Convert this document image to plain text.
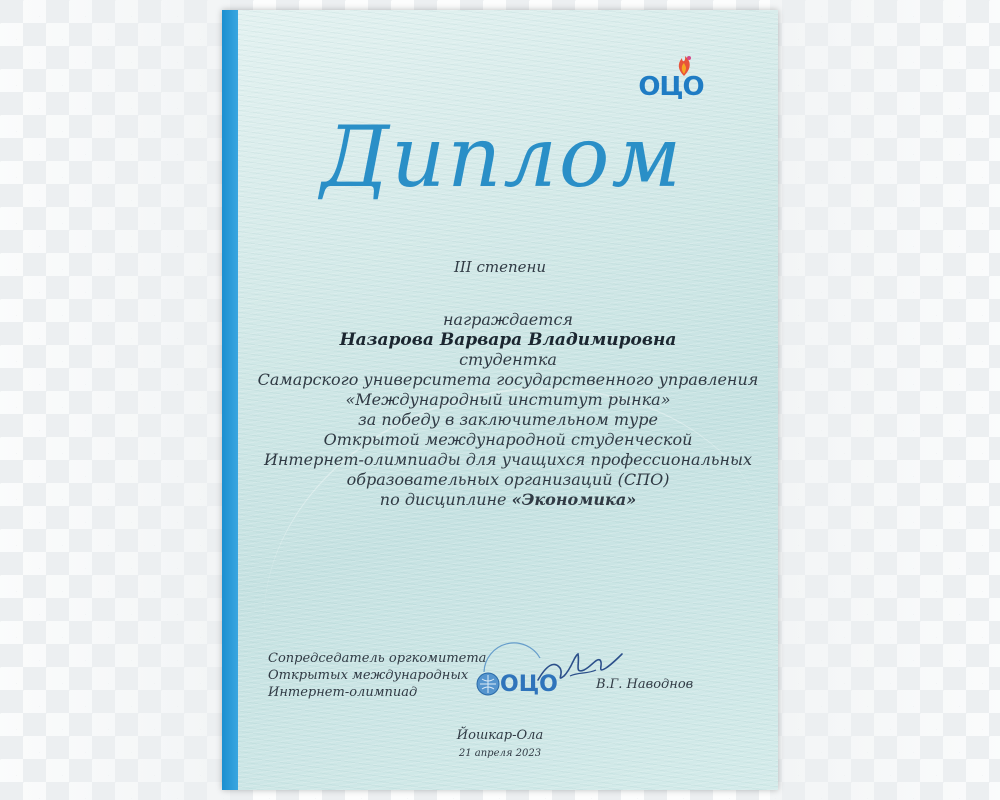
ОЦО
Диплом
III степени
награждается
Назарова Варвара Владимировна
студентка
Самарского университета государственного управления
«Международный институт рынка»
за победу в заключительном туре
Открытой международной студенческой
Интернет-олимпиады для учащихся профессиональных
образовательных организаций (СПО)
по дисциплине «Экономика»
Сопредседатель оргкомитета
Открытых международных
Интернет-олимпиад	ОЦО	В.Г. Наводнов
Йошкар-Ола
21 апреля 2023
